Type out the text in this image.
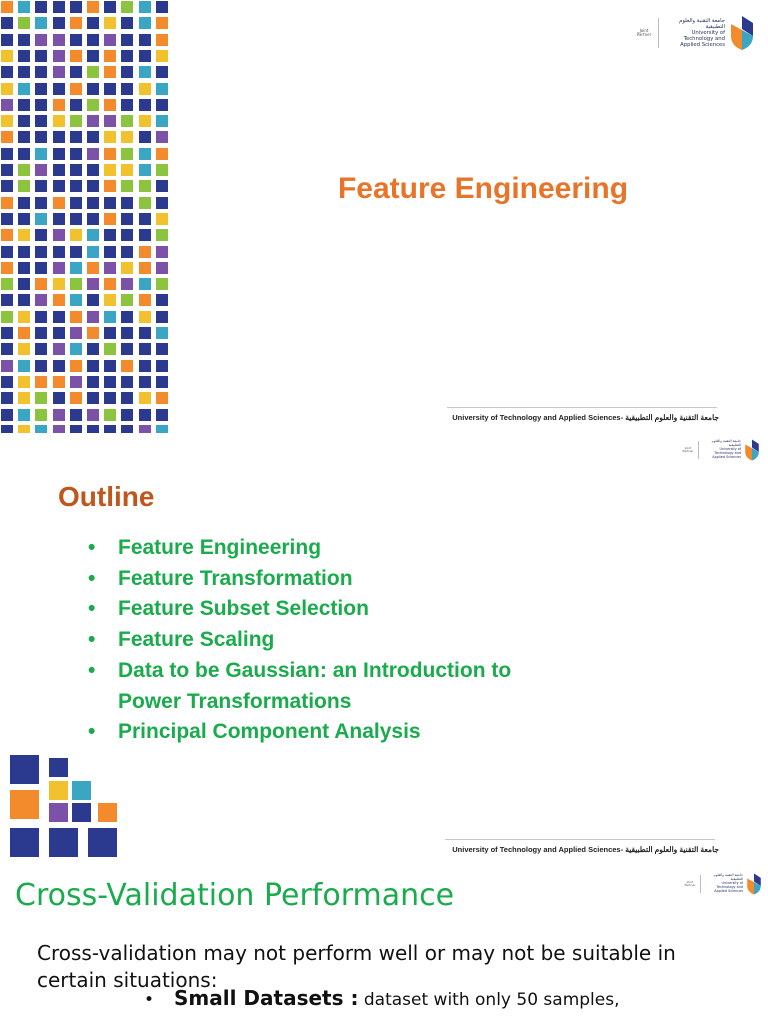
Joint Partner
جامعة التقنية والعلوم التطبيقية
University of Technology and Applied Sciences
Feature Engineering
University of Technology and Applied Sciences- جامعة التقنية والعلوم التطبيقية
Joint Partner
جامعة التقنية والعلوم التطبيقية
University of Technology and Applied Sciences
Outline
• Feature Engineering
• Feature Transformation
• Feature Subset Selection
• Feature Scaling
• Data to be Gaussian: an Introduction to Power Transformations
• Principal Component Analysis
University of Technology and Applied Sciences- جامعة التقنية والعلوم التطبيقية
Joint Partner
جامعة التقنية والعلوم التطبيقية
University of Technology and Applied Sciences
Cross-Validation Performance
Cross-validation may not perform well or may not be suitable in certain situations:
• Small Datasets : dataset with only 50 samples,
